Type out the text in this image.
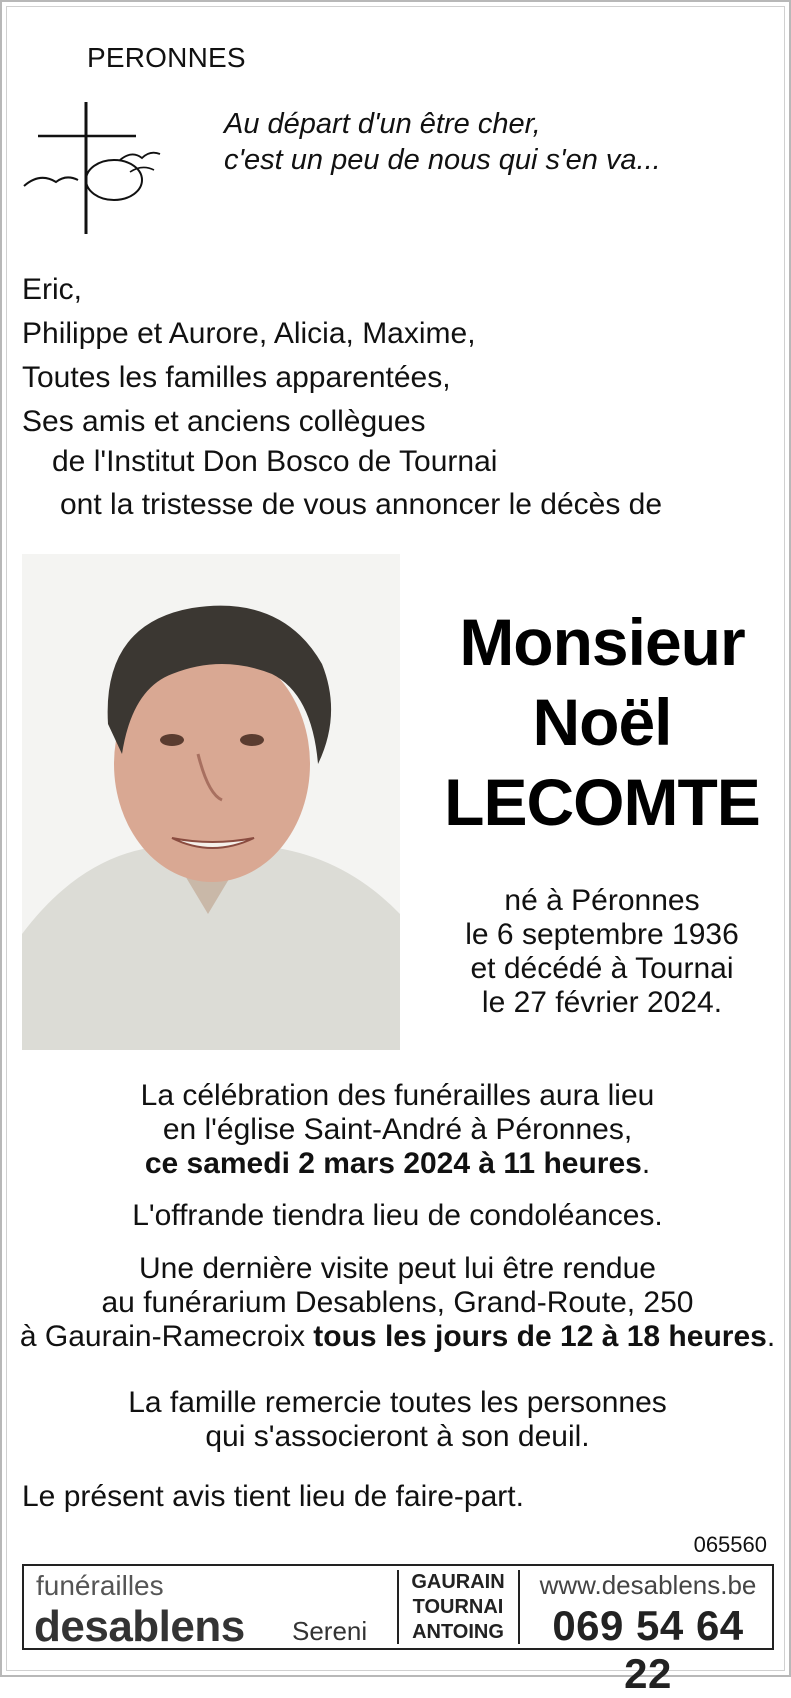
PERONNES
Au départ d'un être cher,
c'est un peu de nous qui s'en va...
Eric,
Philippe et Aurore, Alicia, Maxime,
Toutes les familles apparentées,
Ses amis et anciens collègues
de l'Institut Don Bosco de Tournai
ont la tristesse de vous annoncer le décès de
Monsieur
Noël
LECOMTE
né à Péronnes
le 6 septembre 1936
et décédé à Tournai
le 27 février 2024.
La célébration des funérailles aura lieu
en l'église Saint-André à Péronnes,
ce samedi 2 mars 2024 à 11 heures.
L'offrande tiendra lieu de condoléances.
Une dernière visite peut lui être rendue
au funérarium Desablens, Grand-Route, 250
à Gaurain-Ramecroix tous les jours de 12 à 18 heures.
La famille remercie toutes les personnes
qui s'associeront à son deuil.
Le présent avis tient lieu de faire-part.
065560
funérailles
desablens Sereni
GAURAIN
TOURNAI
ANTOING
www.desablens.be
069 54 64 22
